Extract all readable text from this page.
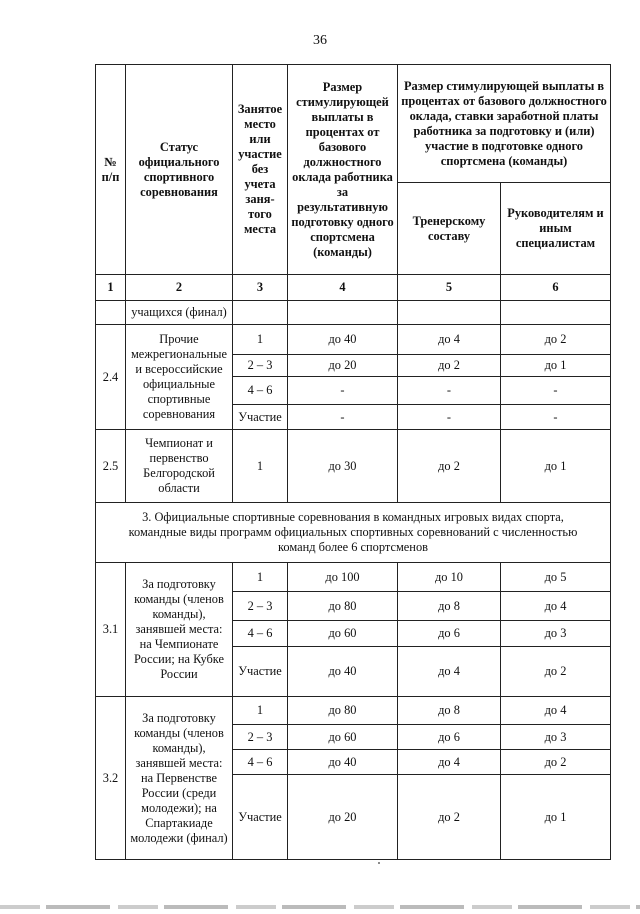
36
№ п/п	Статус официального спортивного соревнования	Занятое место или участие без учета заня-того места	Размер стимулирующей выплаты в процентах от базового должностного оклада работника за результативную подготовку одного спортсмена (команды)	Размер стимулирующей выплаты в процентах от базового должностного оклада, ставки заработной платы работника за подготовку и (или) участие в подготовке одного спортсмена (команды)	
				Тренерскому составу	Руководителям и иным специалистам
1	2	3	4	5	6
	учащихся (финал)				
2.4	Прочие межрегиональные и всероссийские официальные спортивные соревнования	1	до 40	до 4	до 2
		2 – 3	до 20	до 2	до 1
		4 – 6	-	-	-
		Участие	-	-	-
2.5	Чемпионат и первенство Белгородской области	1	до 30	до 2	до 1
3. Официальные спортивные соревнования в командных игровых видах спорта, командные виды программ официальных спортивных соревнований с численностью команд более 6 спортсменов					
3.1	За подготовку команды (членов команды), занявшей места: на Чемпионате России; на Кубке России	1	до 100	до 10	до 5
		2 – 3	до 80	до 8	до 4
		4 – 6	до 60	до 6	до 3
		Участие	до 40	до 4	до 2
3.2	За подготовку команды (членов команды), занявшей места: на Первенстве России (среди молодежи); на Спартакиаде молодежи (финал)	1	до 80	до 8	до 4
		2 – 3	до 60	до 6	до 3
		4 – 6	до 40	до 4	до 2
		Участие	до 20	до 2	до 1
